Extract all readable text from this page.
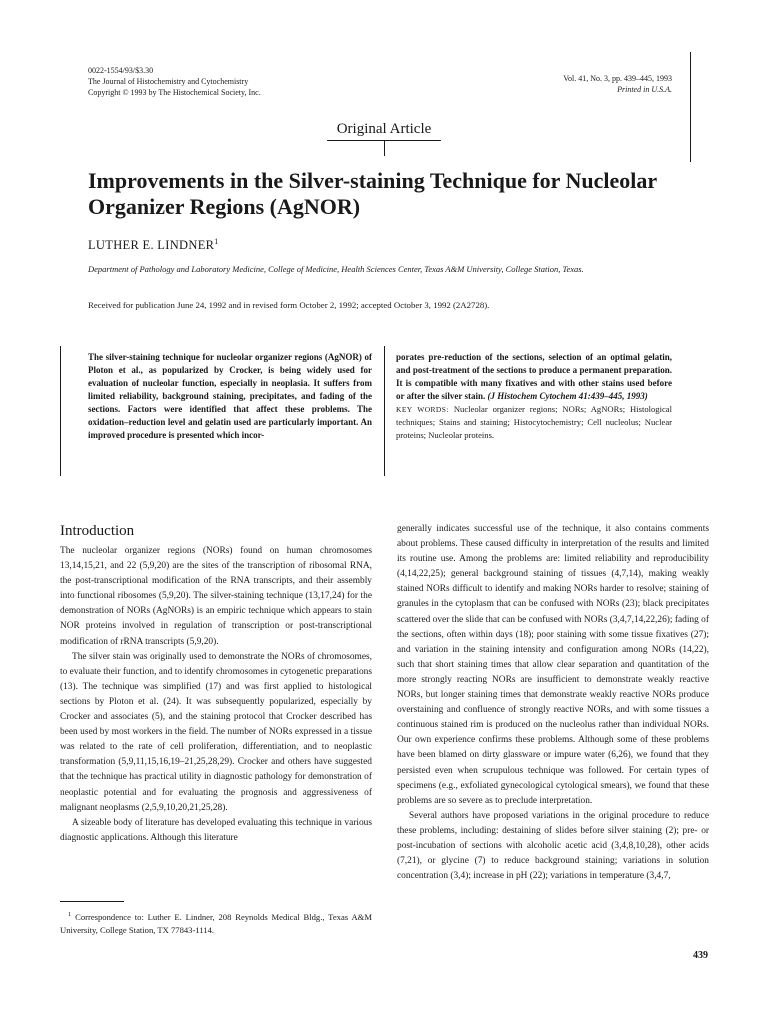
0022-1554/93/$3.30
The Journal of Histochemistry and Cytochemistry
Copyright © 1993 by The Histochemical Society, Inc.
Vol. 41, No. 3, pp. 439–445, 1993
Printed in U.S.A.
Original Article
Improvements in the Silver-staining Technique for Nucleolar Organizer Regions (AgNOR)
LUTHER E. LINDNER$^1$
Department of Pathology and Laboratory Medicine, College of Medicine, Health Sciences Center, Texas A&M University, College Station, Texas.
Received for publication June 24, 1992 and in revised form October 2, 1992; accepted October 3, 1992 (2A2728).
The silver-staining technique for nucleolar organizer regions (AgNOR) of Ploton et al., as popularized by Crocker, is being widely used for evaluation of nucleolar function, especially in neoplasia. It suffers from limited reliability, background staining, precipitates, and fading of the sections. Factors were identified that affect these problems. The oxidation–reduction level and gelatin used are particularly important. An improved procedure is presented which incor-
porates pre-reduction of the sections, selection of an optimal gelatin, and post-treatment of the sections to produce a permanent preparation. It is compatible with many fixatives and with other stains used before or after the silver stain. (J Histochem Cytochem 41:439–445, 1993)
KEY WORDS: Nucleolar organizer regions; NORs; AgNORs; Histological techniques; Stains and staining; Histocytochemistry; Cell nucleolus; Nuclear proteins; Nucleolar proteins.
Introduction

The nucleolar organizer regions (NORs) found on human chromosomes 13,14,15,21, and 22 (5,9,20) are the sites of the transcription of ribosomal RNA, the post-transcriptional modification of the RNA transcripts, and their assembly into functional ribosomes (5,9,20). The silver-staining technique (13,17,24) for the demonstration of NORs (AgNORs) is an empiric technique which appears to stain NOR proteins involved in regulation of transcription or post-transcriptional modification of rRNA transcripts (5,9,20).

The silver stain was originally used to demonstrate the NORs of chromosomes, to evaluate their function, and to identify chromosomes in cytogenetic preparations (13). The technique was simplified (17) and was first applied to histological sections by Ploton et al. (24). It was subsequently popularized, especially by Crocker and associates (5), and the staining protocol that Crocker described has been used by most workers in the field. The number of NORs expressed in a tissue was related to the rate of cell proliferation, differentiation, and to neoplastic transformation (5,9,11,15,16,19–21,25,28,29). Crocker and others have suggested that the technique has practical utility in diagnostic pathology for demonstration of neoplastic potential and for evaluating the prognosis and aggressiveness of malignant neoplasms (2,5,9,10,20,21,25,28).

A sizeable body of literature has developed evaluating this technique in various diagnostic applications. Although this literature

generally indicates successful use of the technique, it also contains comments about problems. These caused difficulty in interpretation of the results and limited its routine use. Among the problems are: limited reliability and reproducibility (4,14,22,25); general background staining of tissues (4,7,14), making weakly stained NORs difficult to identify and making NORs harder to resolve; staining of granules in the cytoplasm that can be confused with NORs (23); black precipitates scattered over the slide that can be confused with NORs (3,4,7,14,22,26); fading of the sections, often within days (18); poor staining with some tissue fixatives (27); and variation in the staining intensity and configuration among NORs (14,22), such that short staining times that allow clear separation and quantitation of the more strongly reacting NORs are insufficient to demonstrate weakly reactive NORs, but longer staining times that demonstrate weakly reactive NORs produce overstaining and confluence of strongly reactive NORs, and with some tissues a continuous stained rim is produced on the nucleolus rather than individual NORs. Our own experience confirms these problems. Although some of these problems have been blamed on dirty glassware or impure water (6,26), we found that they persisted even when scrupulous technique was followed. For certain types of specimens (e.g., exfoliated gynecological cytological smears), we found that these problems are so severe as to preclude interpretation.

Several authors have proposed variations in the original procedure to reduce these problems, including: destaining of slides before silver staining (2); pre- or post-incubation of sections with alcoholic acetic acid (3,4,8,10,28), other acids (7,21), or glycine (7) to reduce background staining; variations in solution concentration (3,4); increase in pH (22); variations in temperature (3,4,7,

$^1$ Correspondence to: Luther E. Lindner, 208 Reynolds Medical Bldg., Texas A&M University, College Station, TX 77843-1114.
439
